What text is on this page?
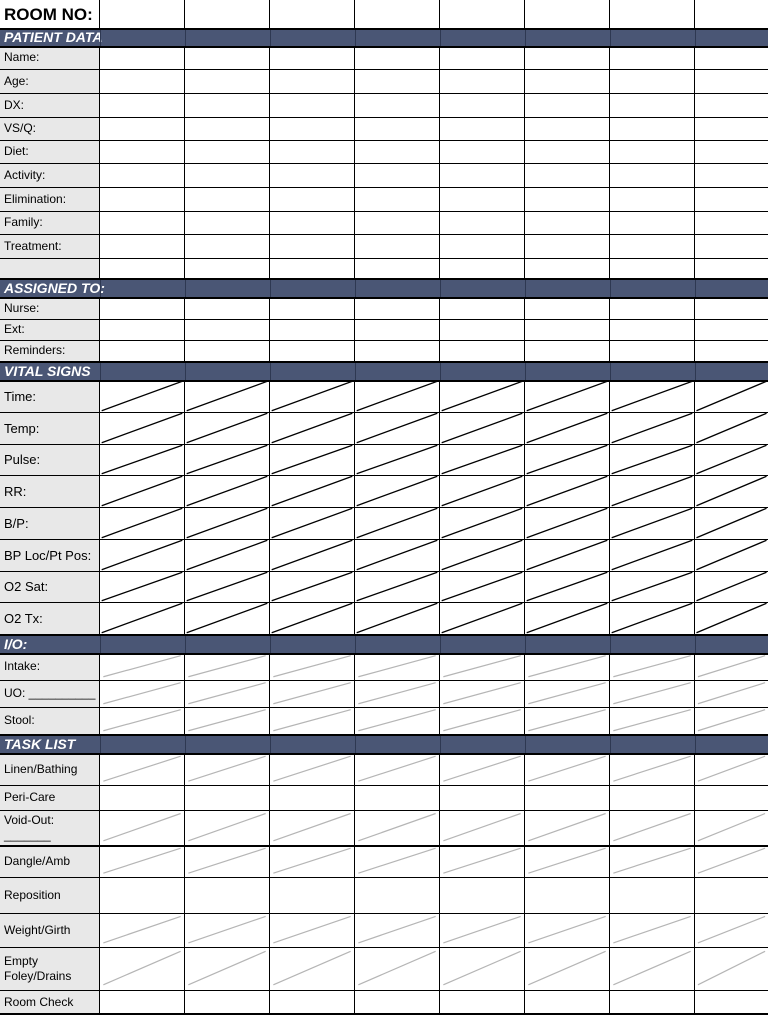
ROOM NO:
PATIENT DATA
Name:
Age:
DX:
VS/Q:
Diet:
Activity:
Elimination:
Family:
Treatment:
ASSIGNED TO:
Nurse:
Ext:
Reminders:
VITAL SIGNS
Time:
Temp:
Pulse:
RR:
B/P:
BP Loc/Pt Pos:
O2 Sat:
O2 Tx:
I/O:
Intake:
UO: __________
Stool:
TASK LIST
Linen/Bathing
Peri-Care
Void-Out: _______
Dangle/Amb
Reposition
Weight/Girth
Empty
Foley/Drains
Room Check
